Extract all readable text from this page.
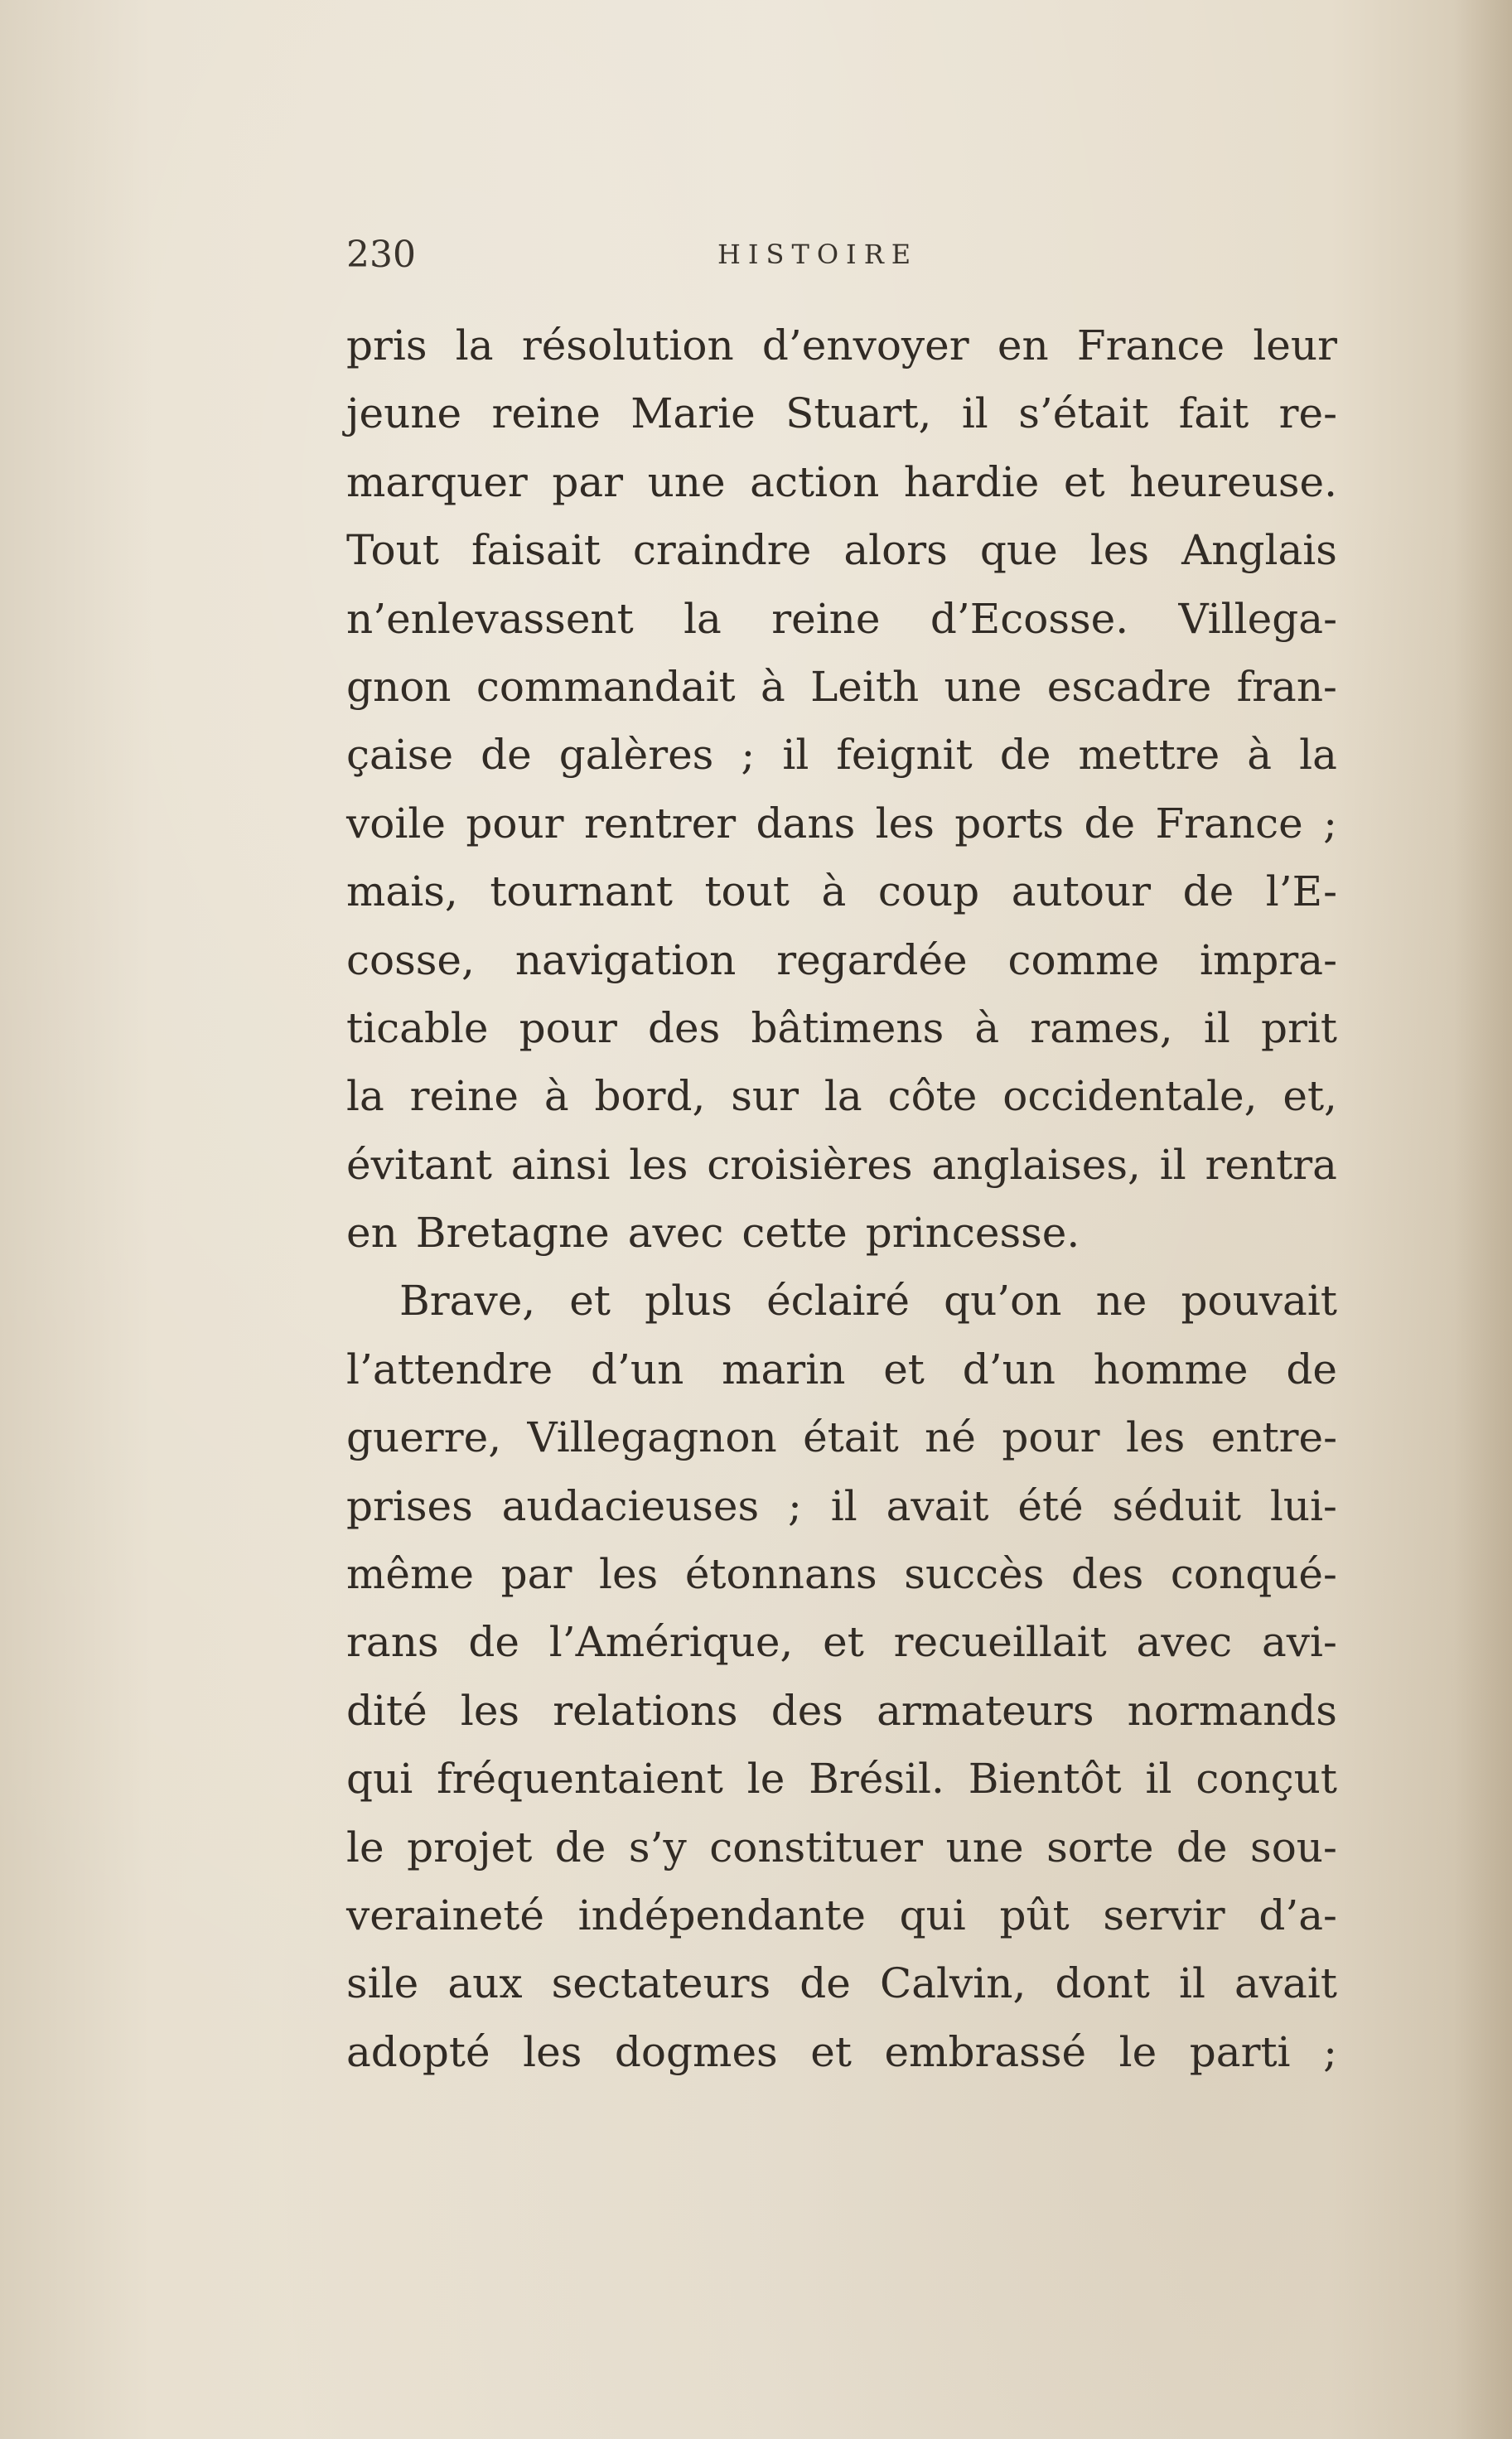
230	HISTOIRE
pris la résolution d’envoyer en France leur
jeune reine Marie Stuart, il s’était fait re-
marquer par une action hardie et heureuse.
Tout faisait craindre alors que les Anglais
n’enlevassent la reine d’Ecosse. Villega-
gnon commandait à Leith une escadre fran-
çaise de galères ; il feignit de mettre à la
voile pour rentrer dans les ports de France ;
mais, tournant tout à coup autour de l’E-
cosse, navigation regardée comme impra-
ticable pour des bâtimens à rames, il prit
la reine à bord, sur la côte occidentale, et,
évitant ainsi les croisières anglaises, il rentra
en Bretagne avec cette princesse.
Brave, et plus éclairé qu’on ne pouvait
l’attendre d’un marin et d’un homme de
guerre, Villegagnon était né pour les entre-
prises audacieuses ; il avait été séduit lui-
même par les étonnans succès des conqué-
rans de l’Amérique, et recueillait avec avi-
dité les relations des armateurs normands
qui fréquentaient le Brésil. Bientôt il conçut
le projet de s’y constituer une sorte de sou-
veraineté indépendante qui pût servir d’a-
sile aux sectateurs de Calvin, dont il avait
adopté les dogmes et embrassé le parti ;
